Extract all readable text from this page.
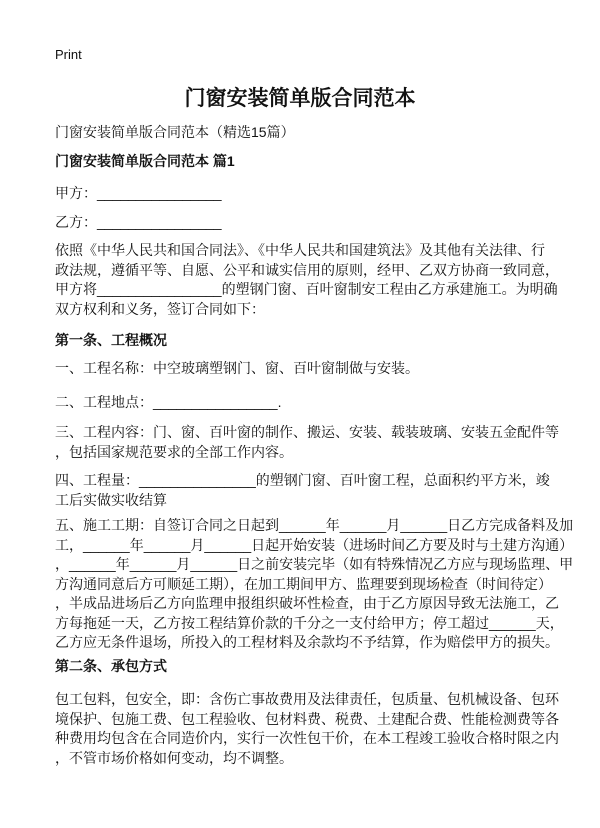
Print
门窗安装简单版合同范本
门窗安装简单版合同范本（精选15篇）
门窗安装简单版合同范本 篇1
甲方：________________
乙方：________________
依照《中华人民共和国合同法》、《中华人民共和国建筑法》及其他有关法律、行
政法规，遵循平等、自愿、公平和诚实信用的原则，经甲、乙双方协商一致同意，
甲方将________________的塑钢门窗、百叶窗制安工程由乙方承建施工。为明确
双方权利和义务，签订合同如下：
第一条、工程概况
一、工程名称：中空玻璃塑钢门、窗、百叶窗制做与安装。
二、工程地点：________________.
三、工程内容：门、窗、百叶窗的制作、搬运、安装、载装玻璃、安装五金配件等
，包括国家规范要求的全部工作内容。
四、工程量：_______________的塑钢门窗、百叶窗工程，总面积约平方米，竣
工后实做实收结算
五、施工工期：自签订合同之日起到______年______月______日乙方完成备料及加
工，______年______月______日起开始安装（进场时间乙方要及时与土建方沟通）
，______年______月______日之前安装完毕（如有特殊情况乙方应与现场监理、甲
方沟通同意后方可顺延工期），在加工期间甲方、监理要到现场检查（时间待定）
，半成品进场后乙方向监理申报组织破坏性检查，由于乙方原因导致无法施工，乙
方每拖延一天，乙方按工程结算价款的千分之一支付给甲方；停工超过______天，
乙方应无条件退场，所投入的工程材料及余款均不予结算，作为赔偿甲方的损失。
第二条、承包方式
包工包料，包安全，即：含伤亡事故费用及法律责任，包质量、包机械设备、包环
境保护、包施工费、包工程验收、包材料费、税费、土建配合费、性能检测费等各
种费用均包含在合同造价内，实行一次性包干价，在本工程竣工验收合格时限之内
，不管市场价格如何变动，均不调整。
